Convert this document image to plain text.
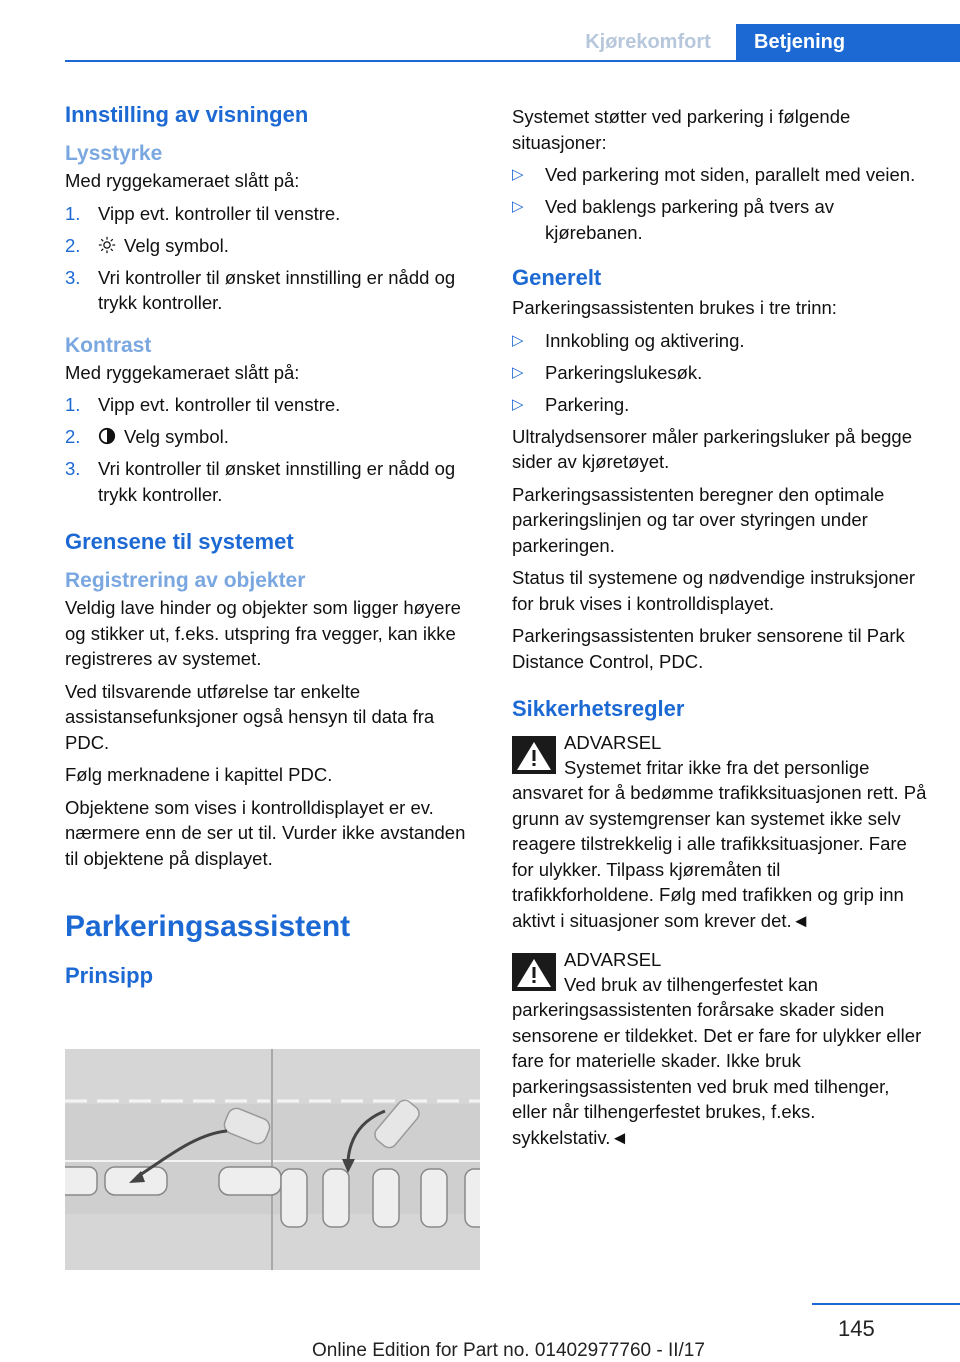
Kjørekomfort	Betjening
Innstilling av visningen
Lysstyrke

Med ryggekameraet slått på:

1. Vipp evt. kontroller til venstre.
2. Velg symbol.
3. Vri kontroller til ønsket innstilling er nådd og trykk kontroller.
Kontrast

Med ryggekameraet slått på:

1. Vipp evt. kontroller til venstre.
2. Velg symbol.
3. Vri kontroller til ønsket innstilling er nådd og trykk kontroller.
Grensene til systemet
Registrering av objekter

Veldig lave hinder og objekter som ligger høyere og stikker ut, f.eks. utspring fra vegger, kan ikke registreres av systemet.

Ved tilsvarende utførelse tar enkelte assistansefunksjoner også hensyn til data fra PDC.

Følg merknadene i kapittel PDC.

Objektene som vises i kontrolldisplayet er ev. nærmere enn de ser ut til. Vurder ikke avstanden til objektene på displayet.

Parkeringsassistent
Prinsipp

Systemet støtter ved parkering i følgende situasjoner:

▷ Ved parkering mot siden, parallelt med veien.
▷ Ved baklengs parkering på tvers av kjørebanen.
Generelt

Parkeringsassistenten brukes i tre trinn:

▷ Innkobling og aktivering.
▷ Parkeringslukesøk.
▷ Parkering.

Ultralydsensorer måler parkeringsluker på begge sider av kjøretøyet.

Parkeringsassistenten beregner den optimale parkeringslinjen og tar over styringen under parkeringen.

Status til systemene og nødvendige instruksjoner for bruk vises i kontrolldisplayet.

Parkeringsassistenten bruker sensorene til Park Distance Control, PDC.

Sikkerhetsregler
ADVARSEL
Systemet fritar ikke fra det personlige ansvaret for å bedømme trafikksituasjonen rett. På grunn av systemgrenser kan systemet ikke selv reagere tilstrekkelig i alle trafikksituasjoner. Fare for ulykker. Tilpass kjøremåten til trafikkforholdene. Følg med trafikken og grip inn aktivt i situasjoner som krever det.◄
ADVARSEL
Ved bruk av tilhengerfestet kan parkeringsassistenten forårsake skader siden sensorene er tildekket. Det er fare for ulykker eller fare for materielle skader. Ikke bruk parkeringsassistenten ved bruk med tilhenger, eller når tilhengerfestet brukes, f.eks. sykkelstativ.◄
145
Online Edition for Part no. 01402977760 - II/17
